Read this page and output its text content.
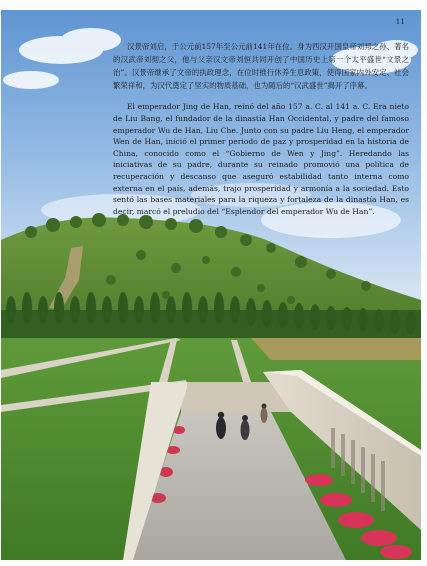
11

汉景帝刘启，于公元前157年至公元前141年在位。身为西汉开国皇帝刘邦之孙、著名的汉武帝刘彻之父，他与父亲汉文帝刘恒共同开创了中国历史上第一个太平盛世“文景之治”。汉景帝继承了文帝的执政理念，在位时推行休养生息政策，使得国家内外安定、社会繁荣祥和，为汉代奠定了坚实的物质基础，也为随后的“汉武盛世”揭开了序幕。

El emperador Jing de Han, reinó del año 157 a. C. al 141 a. C. Era nieto de Liu Bang, el fundador de la dinastía Han Occidental, y padre del famoso emperador Wu de Han, Liu Che. Junto con su padre Liu Heng, el emperador Wen de Han, inició el primer periodo de paz y prosperidad en la historia de China, conocido como el “Gobierno de Wen y Jing”. Heredando las iniciativas de su padre, durante su reinado promovió una política de recuperación y descanso que aseguró estabilidad tanto interna como externa en el país, además, trajo prosperidad y armonía a la sociedad. Esto sentó las bases materiales para la riqueza y fortaleza de la dinastía Han, es decir, marcó el preludio del “Esplendor del emperador Wu de Han”.
